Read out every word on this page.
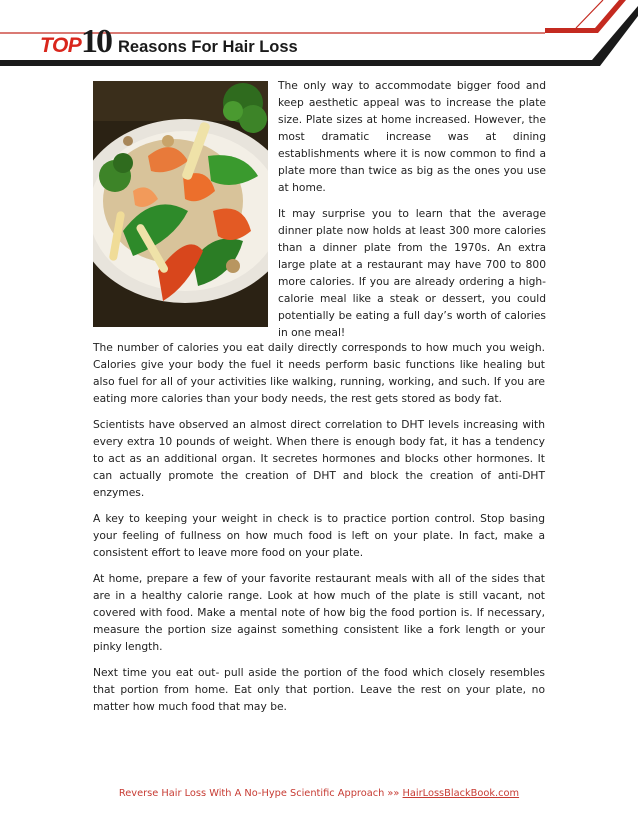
TOP 10 Reasons For Hair Loss

The only way to accommodate bigger food and keep aesthetic appeal was to increase the plate size. Plate sizes at home increased. However, the most dramatic increase was at dining establishments where it is now common to find a plate more than twice as big as the ones you use at home.

It may surprise you to learn that the average dinner plate now holds at least 300 more calories than a dinner plate from the 1970s. An extra large plate at a restaurant may have 700 to 800 more calories. If you are already ordering a high-calorie meal like a steak or dessert, you could potentially be eating a full day’s worth of calories in one meal!

The number of calories you eat daily directly corresponds to how much you weigh. Calories give your body the fuel it needs perform basic functions like healing but also fuel for all of your activities like walking, running, working, and such. If you are eating more calories than your body needs, the rest gets stored as body fat.

Scientists have observed an almost direct correlation to DHT levels increasing with every extra 10 pounds of weight. When there is enough body fat, it has a tendency to act as an additional organ. It secretes hormones and blocks other hormones. It can actually promote the creation of DHT and block the creation of anti-DHT enzymes.

A key to keeping your weight in check is to practice portion control. Stop basing your feeling of fullness on how much food is left on your plate. In fact, make a consistent effort to leave more food on your plate.

At home, prepare a few of your favorite restaurant meals with all of the sides that are in a healthy calorie range. Look at how much of the plate is still vacant, not covered with food. Make a mental note of how big the food portion is. If necessary, measure the portion size against something consistent like a fork length or your pinky length.

Next time you eat out- pull aside the portion of the food which closely resembles that portion from home. Eat only that portion. Leave the rest on your plate, no matter how much food that may be.

Reverse Hair Loss With A No-Hype Scientific Approach »» HairLossBlackBook.com
